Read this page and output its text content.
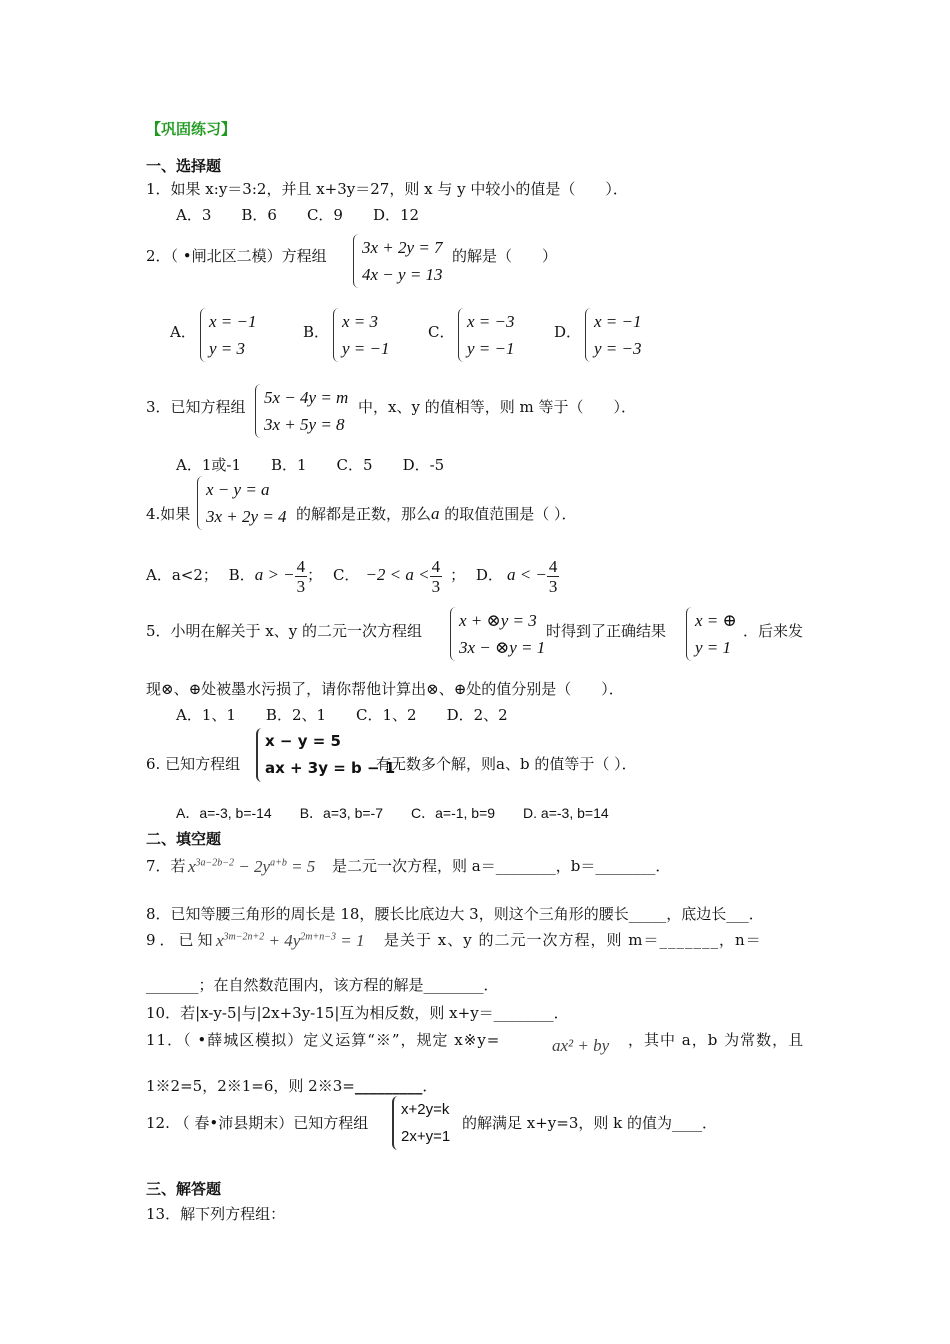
【巩固练习】
一、选择题
1．如果 x:y＝3:2，并且 x+3y＝27，则 x 与 y 中较小的值是（　　）．
A．3　　B．6　　C．9　　D．12
2．（ •闸北区二模）方程组	3x + 2y = 7
4x − y = 13
的解是（　　）
A．
x = −1
y = 3
B．
x = 3
y = −1
C．
x = −3
y = −1
D．
x = −1
y = −3
3．已知方程组	5x − 4y = m
3x + 5y = 8
中，x、y 的值相等，则 m 等于（　　）．
A．1或-1　　B．1　　C．5　　D．-5
4.如果
x − y = a
3x + 2y = 4 的解都是正数，那么a 的取值范围是（ ）．
A．a<2； B．a > − $\frac{4}{3}$ ； C． $-2 < a < \frac{4}{3}$ ； D． a < − $\frac{4}{3}$
5．小明在解关于 x、y 的二元一次方程组
x + ⊗y = 3
3x − ⊗y = 1
时得到了正确结果
x = ⊕
y = 1
．后来发
现⊗、⊕处被墨水污损了，请你帮他计算出⊗、⊕处的值分别是（　　）．
A．1、1　　B．2、1　　C．1、2　　D．2、2
6. 已知方程组
x − y = 5
ax + 3y = b − 1
有无数多个解，则a、b 的值等于（ ）．
A．a=-3, b=-14　　B．a=3, b=-7　　C．a=-1, b=9　　D. a=-3, b=14
二、填空题
7．若 $x^{3a-2b-2} - 2y^{a+b} = 5$ 是二元一次方程，则 a＝________，b＝________．
8．已知等腰三角形的周长是 18，腰长比底边大 3，则这个三角形的腰长_____，底边长___．
9．已知 $x^{3m-2n+2} + 4y^{2m+n-3} = 1$ 是关于 x、y 的二元一次方程，则 m＝_______，n＝
_______；在自然数范围内，该方程的解是________．
10．若|x-y-5|与|2x+3y-15|互为相反数，则 x+y＝________．
11．（ •薛城区模拟）定义运算“※”，规定 x※y=	ax² + by ，其中 a，b 为常数，且
1※2=5，2※1=6，则 2※3=_________．
12. （ 春•沛县期末）已知方程组
x+2y=k
2x+y=1
的解满足 x+y=3，则 k 的值为____．
三、解答题
13．解下列方程组：
